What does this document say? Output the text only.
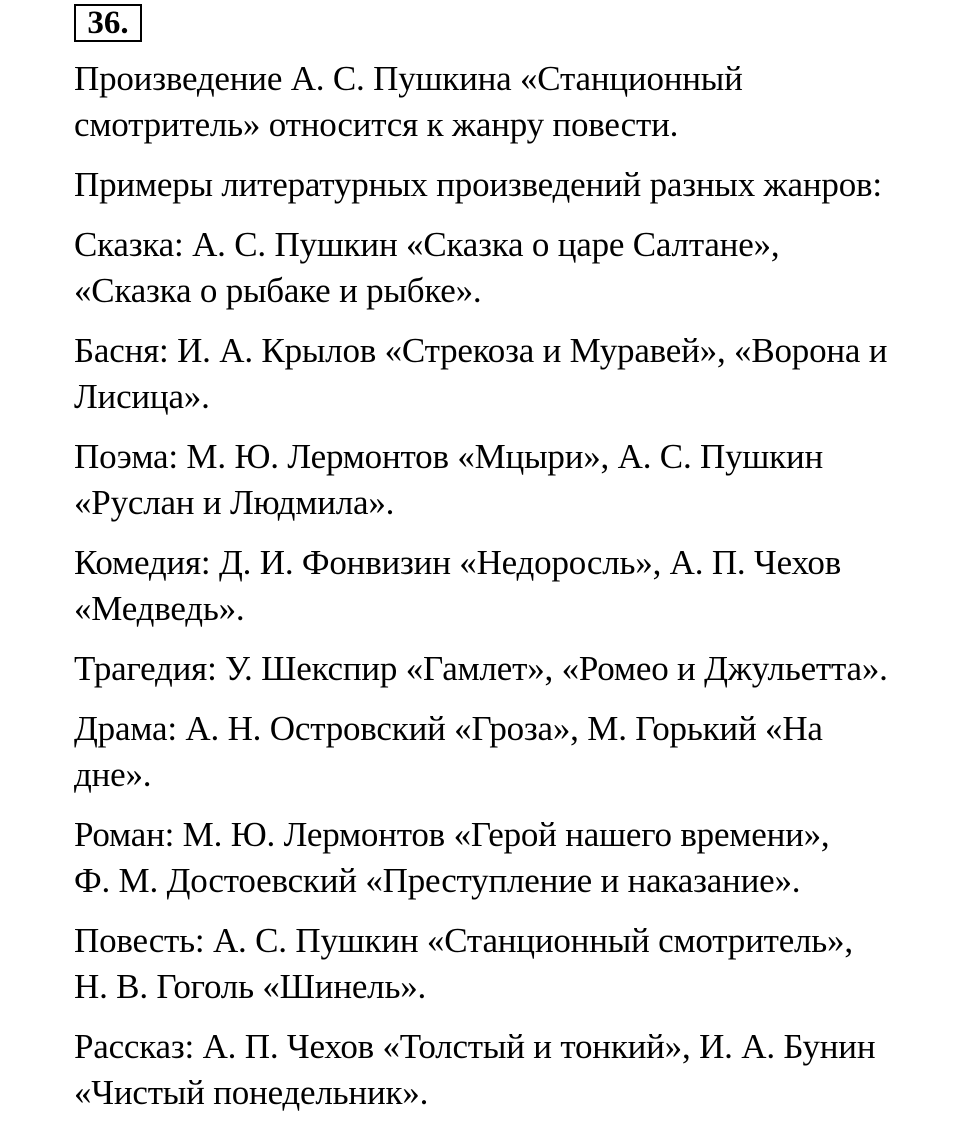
36.

Произведение А. С. Пушкина «Станционный
смотритель» относится к жанру повести.

Примеры литературных произведений разных жанров:

Сказка: А. С. Пушкин «Сказка о царе Салтане»,
«Сказка о рыбаке и рыбке».

Басня: И. А. Крылов «Стрекоза и Муравей», «Ворона и
Лисица».

Поэма: М. Ю. Лермонтов «Мцыри», А. С. Пушкин
«Руслан и Людмила».

Комедия: Д. И. Фонвизин «Недоросль», А. П. Чехов
«Медведь».

Трагедия: У. Шекспир «Гамлет», «Ромео и Джульетта».

Драма: А. Н. Островский «Гроза», М. Горький «На
дне».

Роман: М. Ю. Лермонтов «Герой нашего времени»,
Ф. М. Достоевский «Преступление и наказание».

Повесть: А. С. Пушкин «Станционный смотритель»,
Н. В. Гоголь «Шинель».

Рассказ: А. П. Чехов «Толстый и тонкий», И. А. Бунин
«Чистый понедельник».
